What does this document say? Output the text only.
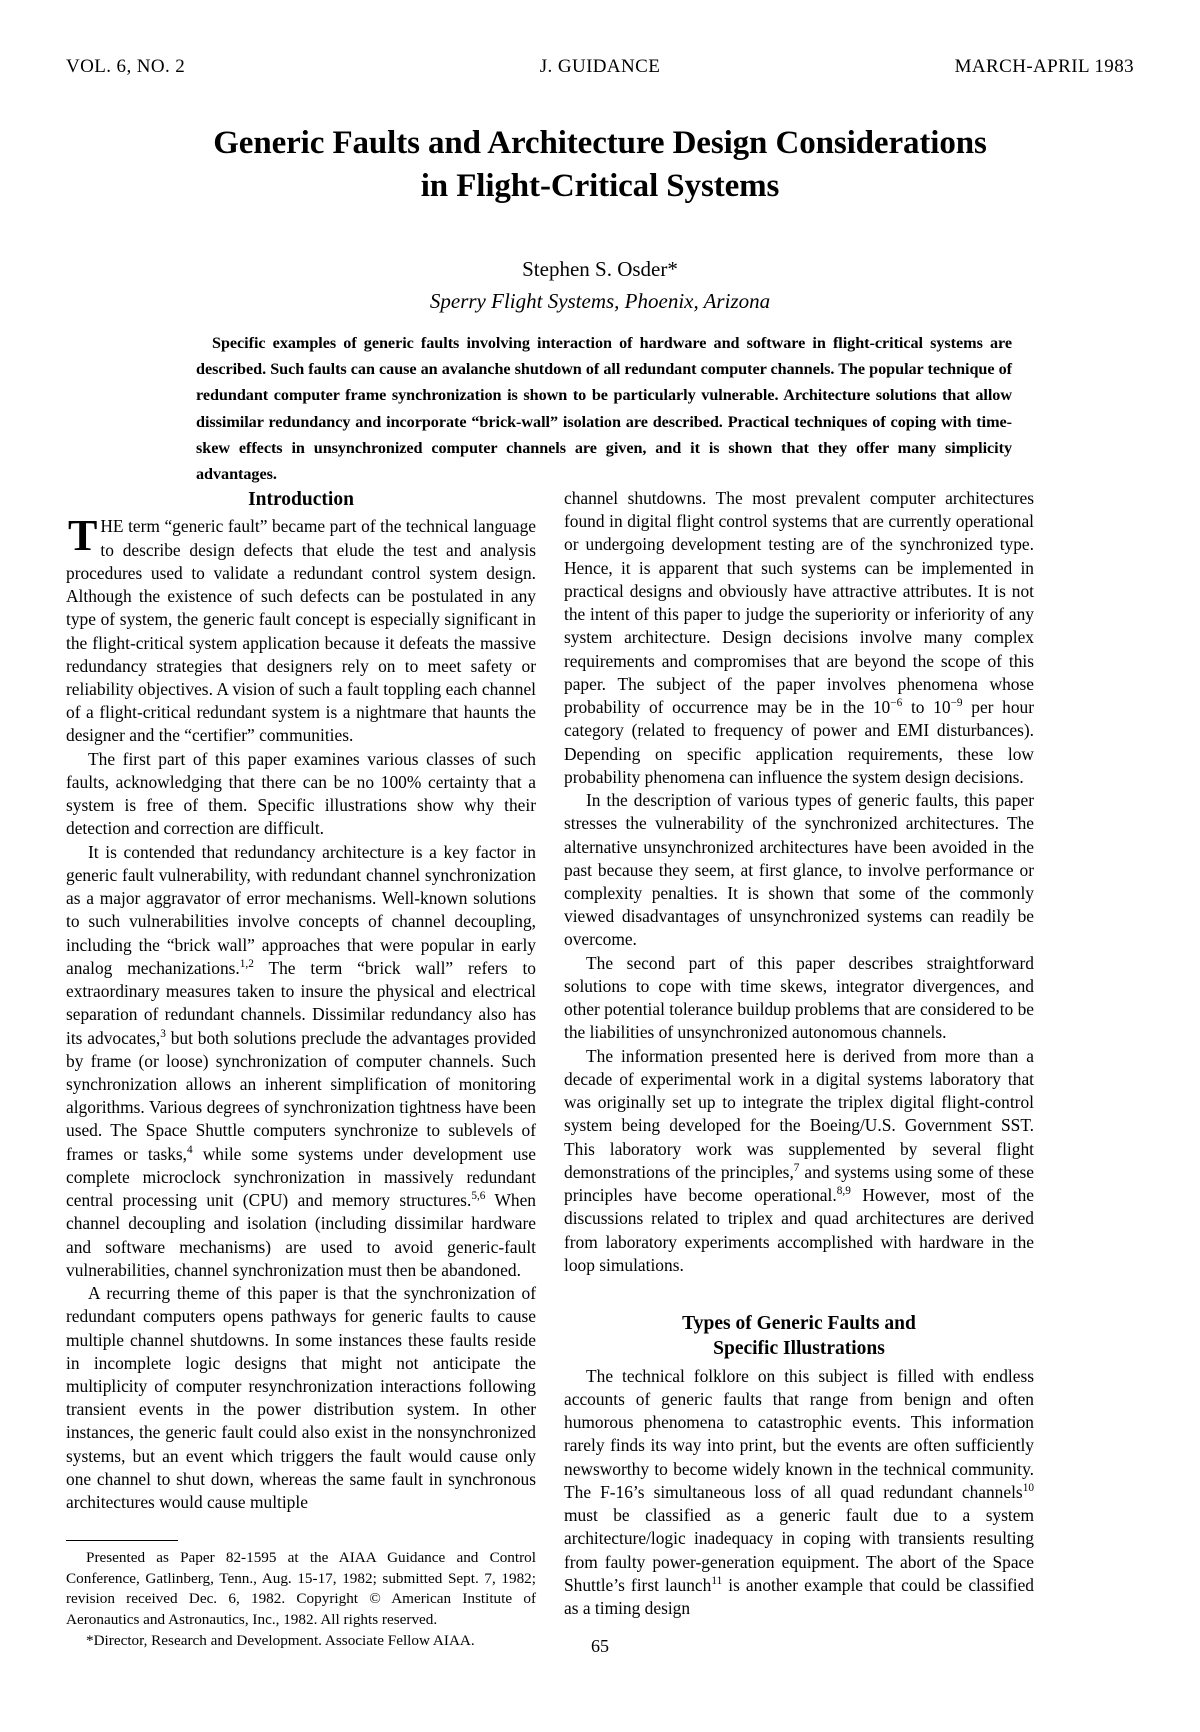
VOL. 6, NO. 2	J. GUIDANCE	MARCH-APRIL 1983
Generic Faults and Architecture Design Considerations
in Flight-Critical Systems
Stephen S. Osder*
Sperry Flight Systems, Phoenix, Arizona
Specific examples of generic faults involving interaction of hardware and software in flight-critical systems are described. Such faults can cause an avalanche shutdown of all redundant computer channels. The popular technique of redundant computer frame synchronization is shown to be particularly vulnerable. Architecture solutions that allow dissimilar redundancy and incorporate “brick-wall” isolation are described. Practical techniques of coping with time-skew effects in unsynchronized computer channels are given, and it is shown that they offer many simplicity advantages.
Introduction

THE term “generic fault” became part of the technical language to describe design defects that elude the test and analysis procedures used to validate a redundant control system design. Although the existence of such defects can be postulated in any type of system, the generic fault concept is especially significant in the flight-critical system application because it defeats the massive redundancy strategies that designers rely on to meet safety or reliability objectives. A vision of such a fault toppling each channel of a flight-critical redundant system is a nightmare that haunts the designer and the “certifier” communities.

The first part of this paper examines various classes of such faults, acknowledging that there can be no 100% certainty that a system is free of them. Specific illustrations show why their detection and correction are difficult.

It is contended that redundancy architecture is a key factor in generic fault vulnerability, with redundant channel synchronization as a major aggravator of error mechanisms. Well-known solutions to such vulnerabilities involve concepts of channel decoupling, including the “brick wall” approaches that were popular in early analog mechanizations.$^{1,2}$ The term “brick wall” refers to extraordinary measures taken to insure the physical and electrical separation of redundant channels. Dissimilar redundancy also has its advocates,$^3$ but both solutions preclude the advantages provided by frame (or loose) synchronization of computer channels. Such synchronization allows an inherent simplification of monitoring algorithms. Various degrees of synchronization tightness have been used. The Space Shuttle computers synchronize to sublevels of frames or tasks,$^4$ while some systems under development use complete microclock synchronization in massively redundant central processing unit (CPU) and memory structures.$^{5,6}$ When channel decoupling and isolation (including dissimilar hardware and software mechanisms) are used to avoid generic-fault vulnerabilities, channel synchronization must then be abandoned.

A recurring theme of this paper is that the synchronization of redundant computers opens pathways for generic faults to cause multiple channel shutdowns. In some instances these faults reside in incomplete logic designs that might not anticipate the multiplicity of computer resynchronization interactions following transient events in the power distribution system. In other instances, the generic fault could also exist in the nonsynchronized systems, but an event which triggers the fault would cause only one channel to shut down, whereas the same fault in synchronous architectures would cause multiple

channel shutdowns. The most prevalent computer architectures found in digital flight control systems that are currently operational or undergoing development testing are of the synchronized type. Hence, it is apparent that such systems can be implemented in practical designs and obviously have attractive attributes. It is not the intent of this paper to judge the superiority or inferiority of any system architecture. Design decisions involve many complex requirements and compromises that are beyond the scope of this paper. The subject of the paper involves phenomena whose probability of occurrence may be in the $10^{-6}$ to $10^{-9}$ per hour category (related to frequency of power and EMI disturbances). Depending on specific application requirements, these low probability phenomena can influence the system design decisions.

In the description of various types of generic faults, this paper stresses the vulnerability of the synchronized architectures. The alternative unsynchronized architectures have been avoided in the past because they seem, at first glance, to involve performance or complexity penalties. It is shown that some of the commonly viewed disadvantages of unsynchronized systems can readily be overcome.

The second part of this paper describes straightforward solutions to cope with time skews, integrator divergences, and other potential tolerance buildup problems that are considered to be the liabilities of unsynchronized autonomous channels.

The information presented here is derived from more than a decade of experimental work in a digital systems laboratory that was originally set up to integrate the triplex digital flight-control system being developed for the Boeing/U.S. Government SST. This laboratory work was supplemented by several flight demonstrations of the principles,$^7$ and systems using some of these principles have become operational.$^{8,9}$ However, most of the discussions related to triplex and quad architectures are derived from laboratory experiments accomplished with hardware in the loop simulations.

Types of Generic Faults and
Specific Illustrations

The technical folklore on this subject is filled with endless accounts of generic faults that range from benign and often humorous phenomena to catastrophic events. This information rarely finds its way into print, but the events are often sufficiently newsworthy to become widely known in the technical community. The F-16’s simultaneous loss of all quad redundant channels$^{10}$ must be classified as a generic fault due to a system architecture/logic inadequacy in coping with transients resulting from faulty power-generation equipment. The abort of the Space Shuttle’s first launch$^{11}$ is another example that could be classified as a timing design

Presented as Paper 82-1595 at the AIAA Guidance and Control Conference, Gatlinberg, Tenn., Aug. 15-17, 1982; submitted Sept. 7, 1982; revision received Dec. 6, 1982. Copyright © American Institute of Aeronautics and Astronautics, Inc., 1982. All rights reserved.

*Director, Research and Development. Associate Fellow AIAA.	65
